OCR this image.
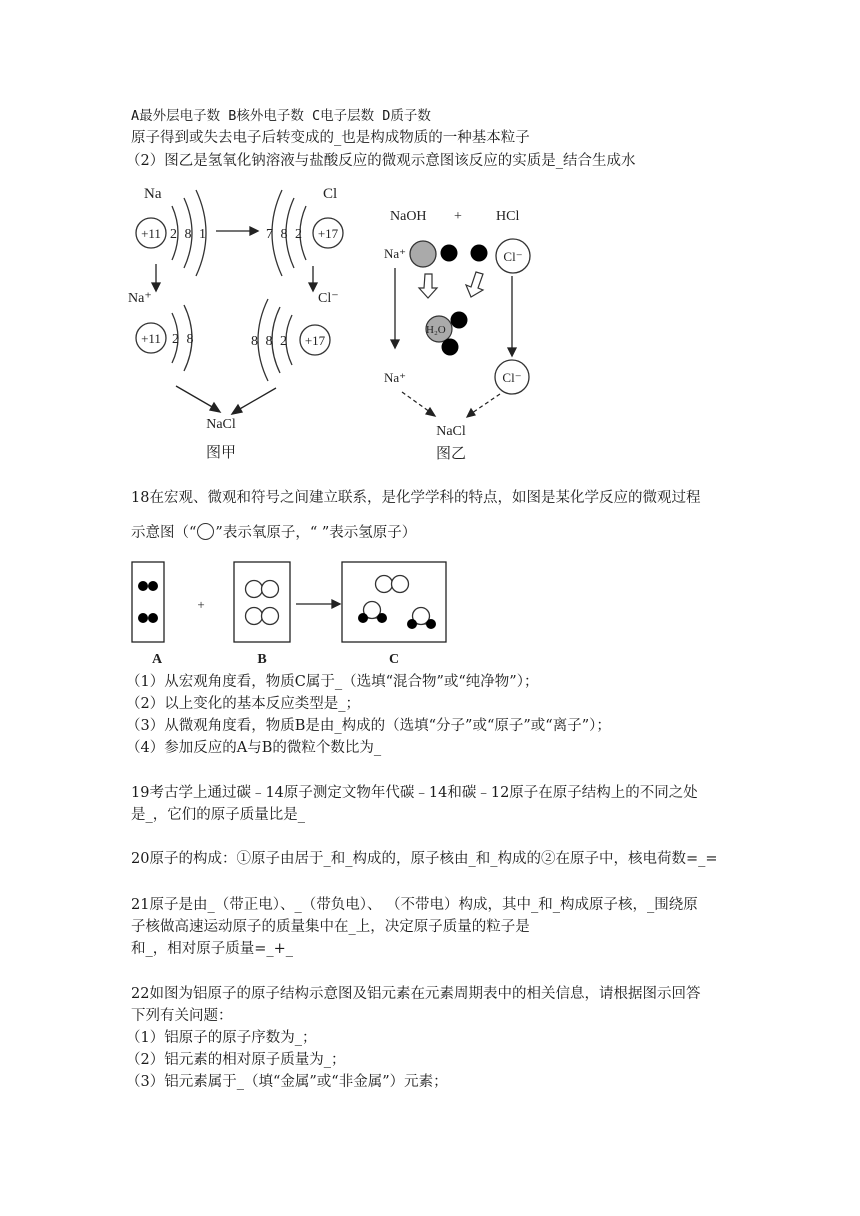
A最外层电子数 B核外电子数 C电子层数 D质子数
原子得到或失去电子后转变成的_也是构成物质的一种基本粒子
（2）图乙是氢氧化钠溶液与盐酸反应的微观示意图该反应的实质是_结合生成水
Na	Cl
+11	+17
2 8 1	7 8 2
Na⁺	Cl⁻
+11	+17
2 8	8 8 2
NaCl
图甲
NaOH + HCl
Na⁺	Cl⁻
H₂O
Na⁺	Cl⁻
NaCl
图乙
18在宏观、微观和符号之间建立联系，是化学学科的特点，如图是某化学反应的微观过程
示意图（“ ”表示氧原子，“ ”表示氢原子）
+
A	B	C
（1）从宏观角度看，物质C属于_（选填“混合物”或“纯净物”）；
（2）以上变化的基本反应类型是_；
（3）从微观角度看，物质B是由_构成的（选填“分子”或“原子”或“离子”）；
（4）参加反应的A与B的微粒个数比为_
19考古学上通过碳﹣14原子测定文物年代碳﹣14和碳﹣12原子在原子结构上的不同之处
是_，它们的原子质量比是_
20原子的构成：①原子由居于_和_构成的，原子核由_和_构成的②在原子中，核电荷数=_=
21原子是由_（带正电）、_（带负电）、 （不带电）构成，其中_和_构成原子核，_围绕原
子核做高速运动原子的质量集中在_上，决定原子质量的粒子是
和_，相对原子质量=_+_
22如图为铝原子的原子结构示意图及铝元素在元素周期表中的相关信息，请根据图示回答
下列有关问题：
（1）铝原子的原子序数为_；
（2）铝元素的相对原子质量为_；
（3）铝元素属于_（填“金属”或“非金属”）元素；
